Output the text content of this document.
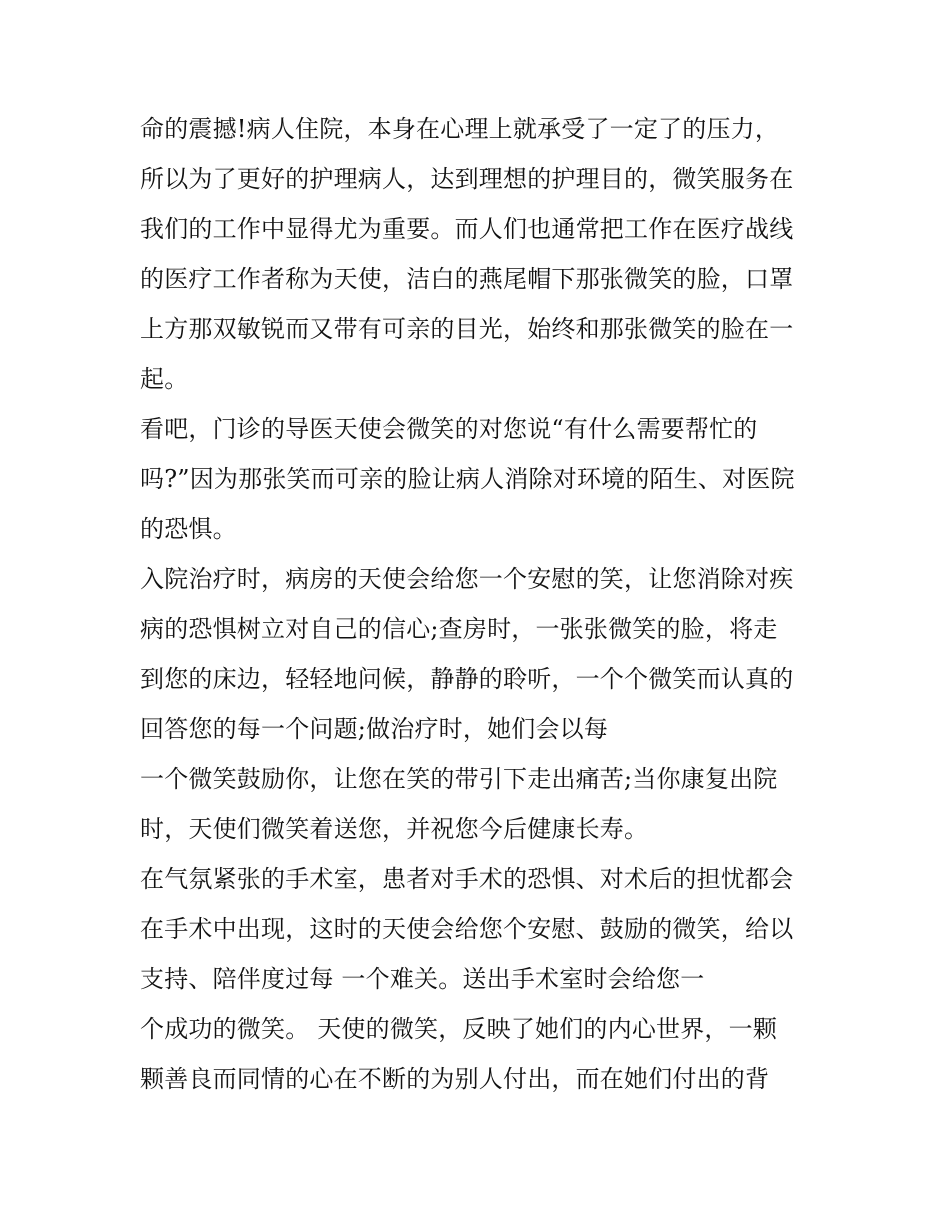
命的震撼!病人住院，本身在心理上就承受了一定了的压力，
所以为了更好的护理病人，达到理想的护理目的，微笑服务在
我们的工作中显得尤为重要。而人们也通常把工作在医疗战线
的医疗工作者称为天使，洁白的燕尾帽下那张微笑的脸，口罩
上方那双敏锐而又带有可亲的目光，始终和那张微笑的脸在一
起。
看吧，门诊的导医天使会微笑的对您说“有什么需要帮忙的
吗?”因为那张笑而可亲的脸让病人消除对环境的陌生、对医院
的恐惧。
入院治疗时，病房的天使会给您一个安慰的笑，让您消除对疾
病的恐惧树立对自己的信心;查房时，一张张微笑的脸，将走
到您的床边，轻轻地问候，静静的聆听，一个个微笑而认真的
回答您的每一个问题;做治疗时，她们会以每
一个微笑鼓励你，让您在笑的带引下走出痛苦;当你康复出院
时，天使们微笑着送您，并祝您今后健康长寿。
在气氛紧张的手术室，患者对手术的恐惧、对术后的担忧都会
在手术中出现，这时的天使会给您个安慰、鼓励的微笑，给以
支持、陪伴度过每 一个难关。送出手术室时会给您一
个成功的微笑。 天使的微笑，反映了她们的内心世界，一颗
颗善良而同情的心在不断的为别人付出，而在她们付出的背
